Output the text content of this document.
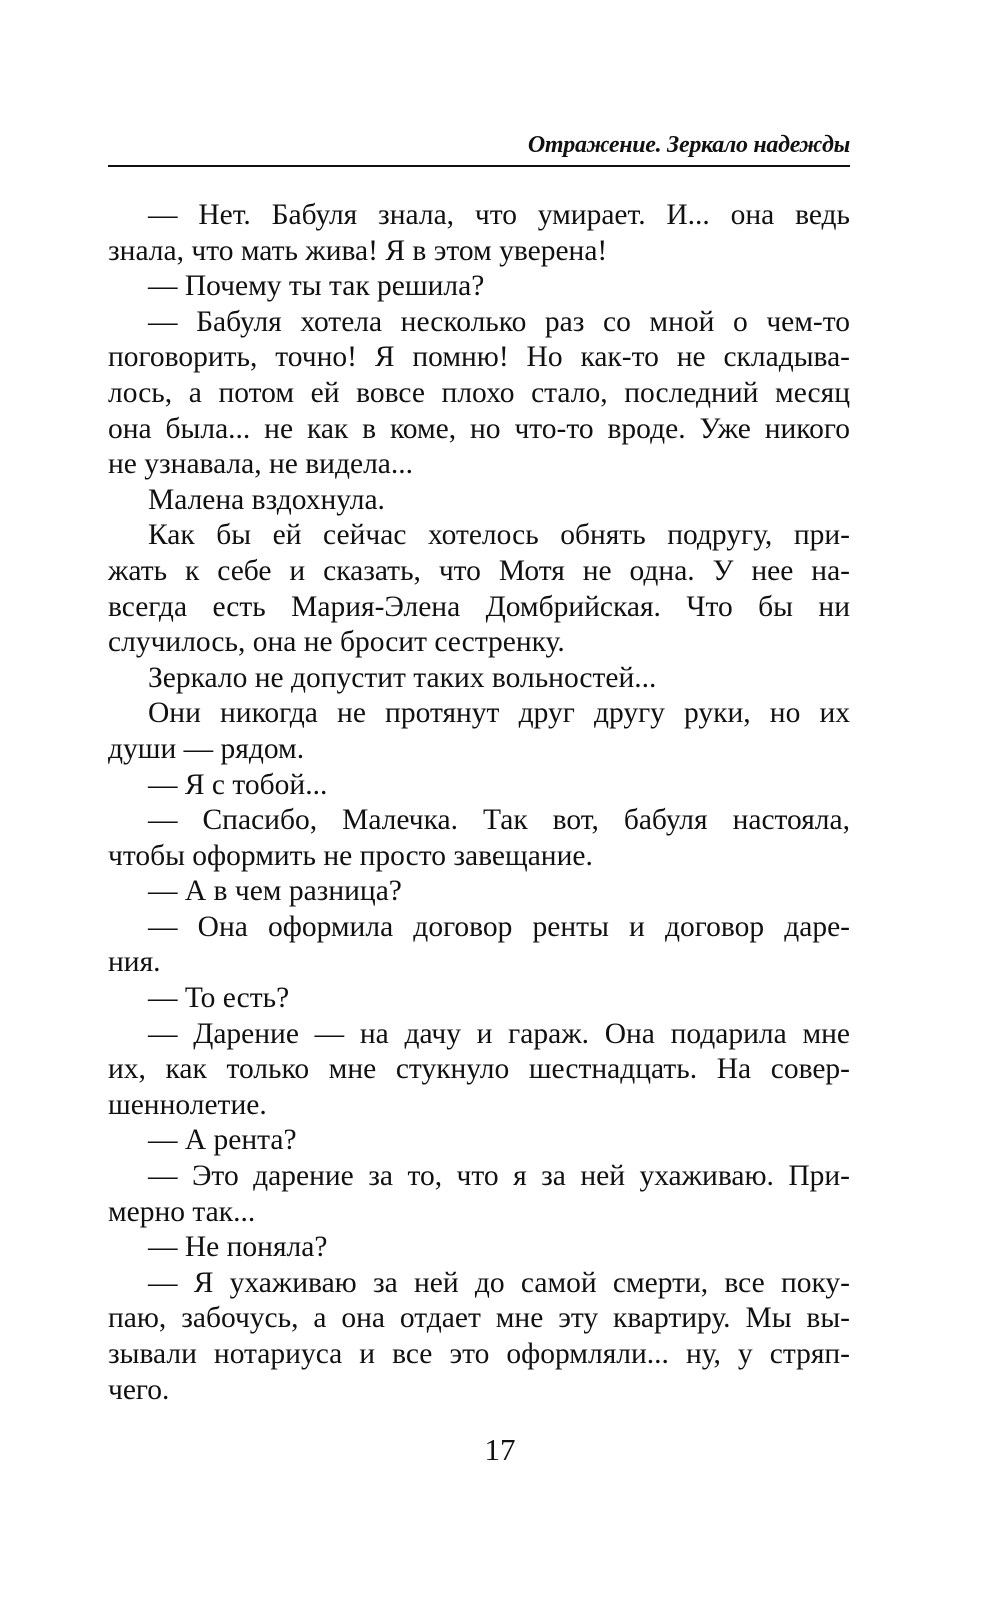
Отражение. Зеркало надежды
— Нет. Бабуля знала, что умирает. И... она ведь
знала, что мать жива! Я в этом уверена!
— Почему ты так решила?
— Бабуля хотела несколько раз со мной о чем-то
поговорить, точно! Я помню! Но как-то не складыва-
лось, а потом ей вовсе плохо стало, последний месяц
она была... не как в коме, но что-то вроде. Уже никого
не узнавала, не видела...
Малена вздохнула.
Как бы ей сейчас хотелось обнять подругу, при-
жать к себе и сказать, что Мотя не одна. У нее на-
всегда есть Мария-Элена Домбрийская. Что бы ни
случилось, она не бросит сестренку.
Зеркало не допустит таких вольностей...
Они никогда не протянут друг другу руки, но их
души — рядом.
— Я с тобой...
— Спасибо, Малечка. Так вот, бабуля настояла,
чтобы оформить не просто завещание.
— А в чем разница?
— Она оформила договор ренты и договор даре-
ния.
— То есть?
— Дарение — на дачу и гараж. Она подарила мне
их, как только мне стукнуло шестнадцать. На совер-
шеннолетие.
— А рента?
— Это дарение за то, что я за ней ухаживаю. При-
мерно так...
— Не поняла?
— Я ухаживаю за ней до самой смерти, все поку-
паю, забочусь, а она отдает мне эту квартиру. Мы вы-
зывали нотариуса и все это оформляли... ну, у стряп-
чего.
17
